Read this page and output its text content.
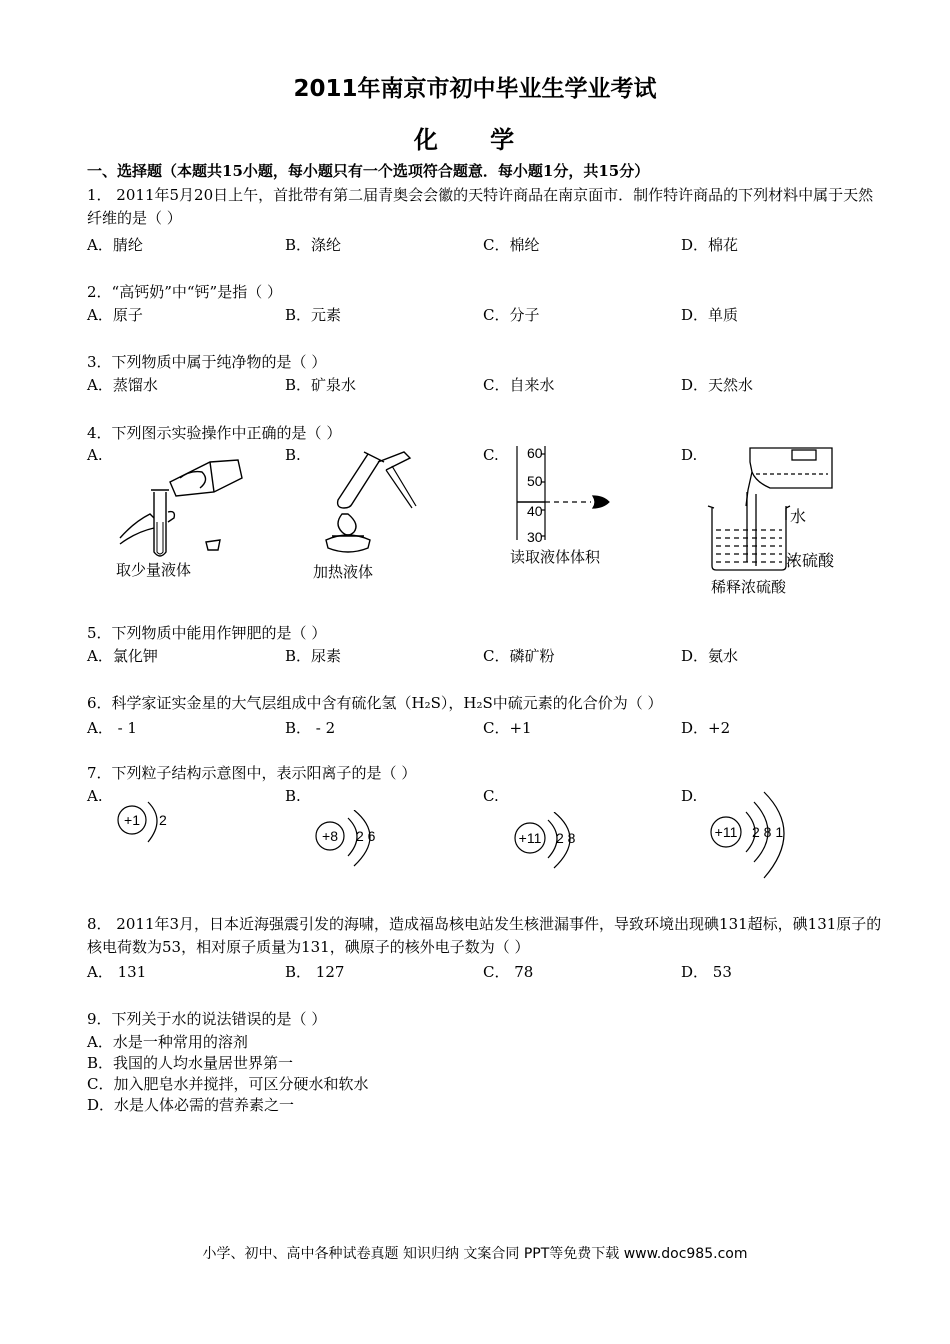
2011年南京市初中毕业生学业考试
化 学
一、选择题（本题共15小题，每小题只有一个选项符合题意．每小题1分，共15分）
1． 2011年5月20日上午，首批带有第二届青奥会会徽的天特许商品在南京面市．制作特许商品的下列材料中属于天然纤维的是（ ）
A．腈纶	B．涤纶	C．棉纶	D．棉花
2．“高钙奶”中“钙”是指（ ）
A．原子	B．元素	C．分子	D．单质
3．下列物质中属于纯净物的是（ ）
A．蒸馏水	B．矿泉水	C．自来水	D．天然水
4．下列图示实验操作中正确的是（ ）
A.	B.	C.	D.
取少量液体	加热液体
60
50
40
30
读取液体体积
水
浓硫酸
稀释浓硫酸
5．下列物质中能用作钾肥的是（ ）
A．氯化钾	B．尿素	C．磷矿粉	D．氨水
6．科学家证实金星的大气层组成中含有硫化氢（H₂S），H₂S中硫元素的化合价为（ ）
A． - 1	B． - 2	C．+1	D．+2
7．下列粒子结构示意图中，表示阳离子的是（ ）
A.	B.	C.	D.
+1 2
+8 2 6	+11 2 8	+11 2 8 1
8． 2011年3月，日本近海强震引发的海啸，造成福岛核电站发生核泄漏事件，导致环境出现碘131超标，碘131原子的核电荷数为53，相对原子质量为131，碘原子的核外电子数为（ ）
A． 131	B． 127	C． 78	D． 53
9．下列关于水的说法错误的是（ ）
A．水是一种常用的溶剂
B．我国的人均水量居世界第一
C．加入肥皂水并搅拌，可区分硬水和软水
D．水是人体必需的营养素之一
小学、初中、高中各种试卷真题 知识归纳 文案合同 PPT等免费下载 www.doc985.com
